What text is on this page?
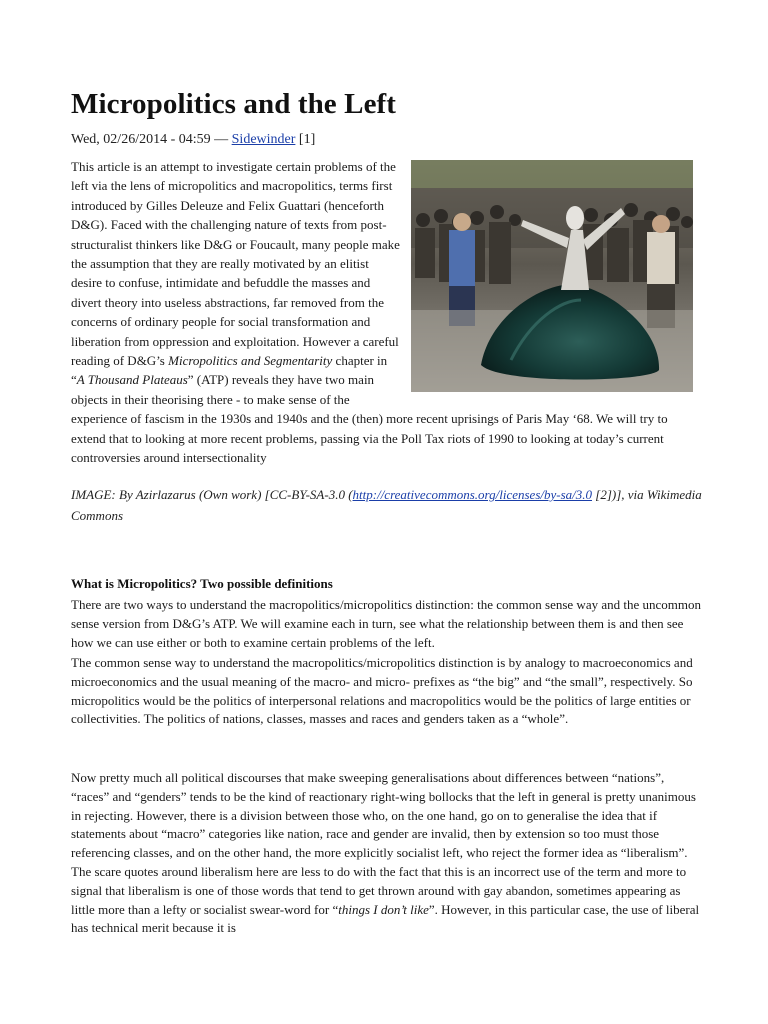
Micropolitics and the Left
Wed, 02/26/2014 - 04:59 — Sidewinder [1]

This article is an attempt to investigate certain problems of the left via the lens of micropolitics and macropolitics, terms first introduced by Gilles Deleuze and Felix Guattari (henceforth D&G). Faced with the challenging nature of texts from post-structuralist thinkers like D&G or Foucault, many people make the assumption that they are really motivated by an elitist desire to confuse, intimidate and befuddle the masses and divert theory into useless abstractions, far removed from the concerns of ordinary people for social transformation and liberation from oppression and exploitation. However a careful reading of D&G’s Micropolitics and Segmentarity chapter in “A Thousand Plateaus” (ATP) reveals they have two main objects in their theorising there - to make sense of the experience of fascism in the 1930s and 1940s and the (then) more recent uprisings of Paris May ‘68. We will try to extend that to looking at more recent problems, passing via the Poll Tax riots of 1990 to looking at today’s current controversies around intersectionality

IMAGE: By Azirlazarus (Own work) [CC-BY-SA-3.0 (http://creativecommons.org/licenses/by-sa/3.0 [2])], via Wikimedia Commons
What is Micropolitics? Two possible definitions

There are two ways to understand the macropolitics/micropolitics distinction: the common sense way and the uncommon sense version from D&G’s ATP. We will examine each in turn, see what the relationship between them is and then see how we can use either or both to examine certain problems of the left.

The common sense way to understand the macropolitics/micropolitics distinction is by analogy to macroeconomics and microeconomics and the usual meaning of the macro- and micro- prefixes as “the big” and “the small”, respectively. So micropolitics would be the politics of interpersonal relations and macropolitics would be the politics of large entities or collectivities. The politics of nations, classes, masses and races and genders taken as a “whole”.

Now pretty much all political discourses that make sweeping generalisations about differences between “nations”, “races” and “genders” tends to be the kind of reactionary right-wing bollocks that the left in general is pretty unanimous in rejecting. However, there is a division between those who, on the one hand, go on to generalise the idea that if statements about “macro” categories like nation, race and gender are invalid, then by extension so too must those referencing classes, and on the other hand, the more explicitly socialist left, who reject the former idea as “liberalism”. The scare quotes around liberalism here are less to do with the fact that this is an incorrect use of the term and more to signal that liberalism is one of those words that tend to get thrown around with gay abandon, sometimes appearing as little more than a lefty or socialist swear-word for “things I don’t like”. However, in this particular case, the use of liberal has technical merit because it is
